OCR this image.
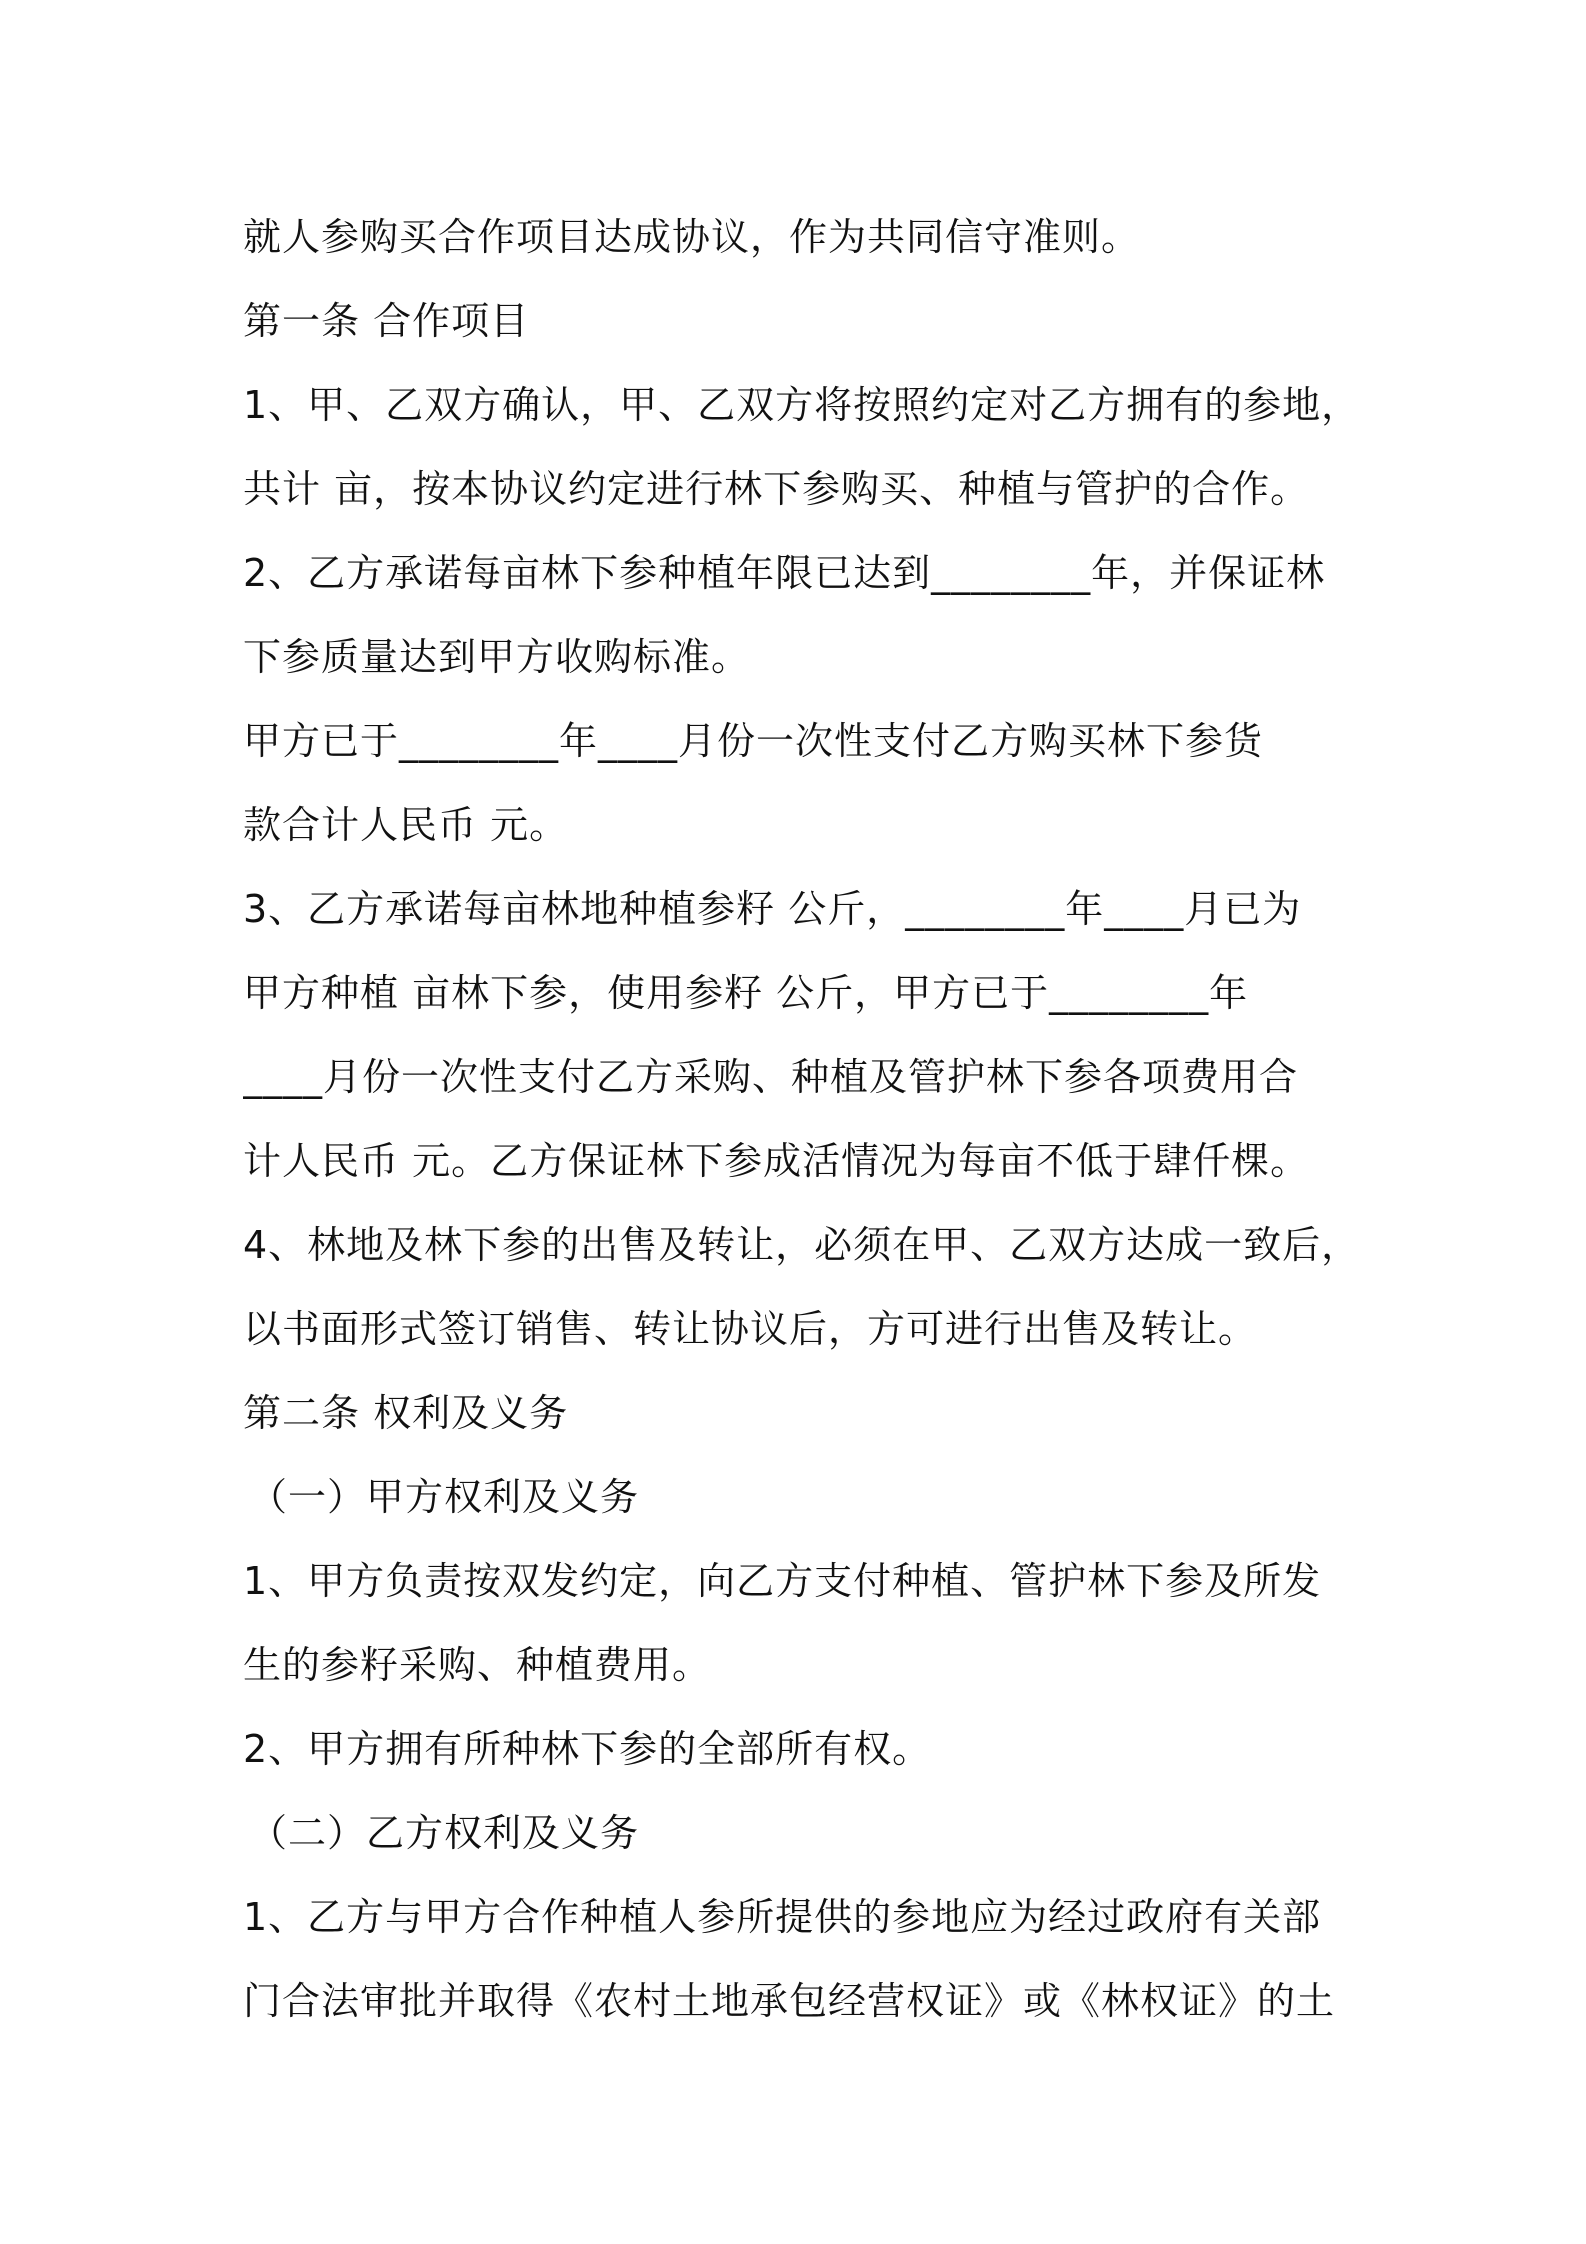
就人参购买合作项目达成协议，作为共同信守准则。
第一条 合作项目
1、甲、乙双方确认，甲、乙双方将按照约定对乙方拥有的参地，
共计 亩，按本协议约定进行林下参购买、种植与管护的合作。
2、乙方承诺每亩林下参种植年限已达到________年，并保证林
下参质量达到甲方收购标准。
甲方已于________年____月份一次性支付乙方购买林下参货
款合计人民币 元。
3、乙方承诺每亩林地种植参籽 公斤，________年____月已为
甲方种植 亩林下参，使用参籽 公斤，甲方已于________年
____月份一次性支付乙方采购、种植及管护林下参各项费用合
计人民币 元。乙方保证林下参成活情况为每亩不低于肆仟棵。
4、林地及林下参的出售及转让，必须在甲、乙双方达成一致后，
以书面形式签订销售、转让协议后，方可进行出售及转让。
第二条 权利及义务
（一）甲方权利及义务
1、甲方负责按双发约定，向乙方支付种植、管护林下参及所发
生的参籽采购、种植费用。
2、甲方拥有所种林下参的全部所有权。
（二）乙方权利及义务
1、乙方与甲方合作种植人参所提供的参地应为经过政府有关部
门合法审批并取得《农村土地承包经营权证》或《林权证》的土
